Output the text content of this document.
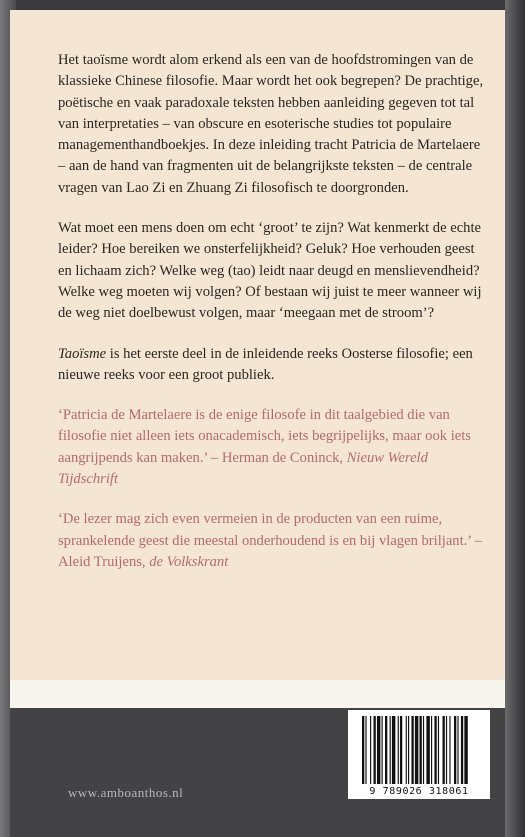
Het taoïsme wordt alom erkend als een van de hoofdstromingen van de klassieke Chinese filosofie. Maar wordt het ook begrepen? De prachtige, poëtische en vaak paradoxale teksten hebben aanleiding gegeven tot tal van interpretaties – van obscure en esoterische studies tot populaire managementhandboekjes. In deze inleiding tracht Patricia de Martelaere – aan de hand van fragmenten uit de belangrijkste teksten – de centrale vragen van Lao Zi en Zhuang Zi filosofisch te doorgronden.

Wat moet een mens doen om echt ‘groot’ te zijn? Wat kenmerkt de echte leider? Hoe bereiken we onsterfelijkheid? Geluk? Hoe verhouden geest en lichaam zich? Welke weg (tao) leidt naar deugd en menslievendheid? Welke weg moeten wij volgen? Of bestaan wij juist te meer wanneer wij de weg niet doelbewust volgen, maar ‘meegaan met de stroom’?

Taoïsme is het eerste deel in de inleidende reeks Oosterse filosofie; een nieuwe reeks voor een groot publiek.

‘Patricia de Martelaere is de enige filosofe in dit taalgebied die van filosofie niet alleen iets onacademisch, iets begrijpelijks, maar ook iets aangrijpends kan maken.’ – Herman de Coninck, Nieuw Wereld Tijdschrift

‘De lezer mag zich even vermeien in de producten van een ruime, sprankelende geest die meestal onderhoudend is en bij vlagen briljant.’ – Aleid Truijens, de Volkskrant

www.amboanthos.nl	9 789026 318061
